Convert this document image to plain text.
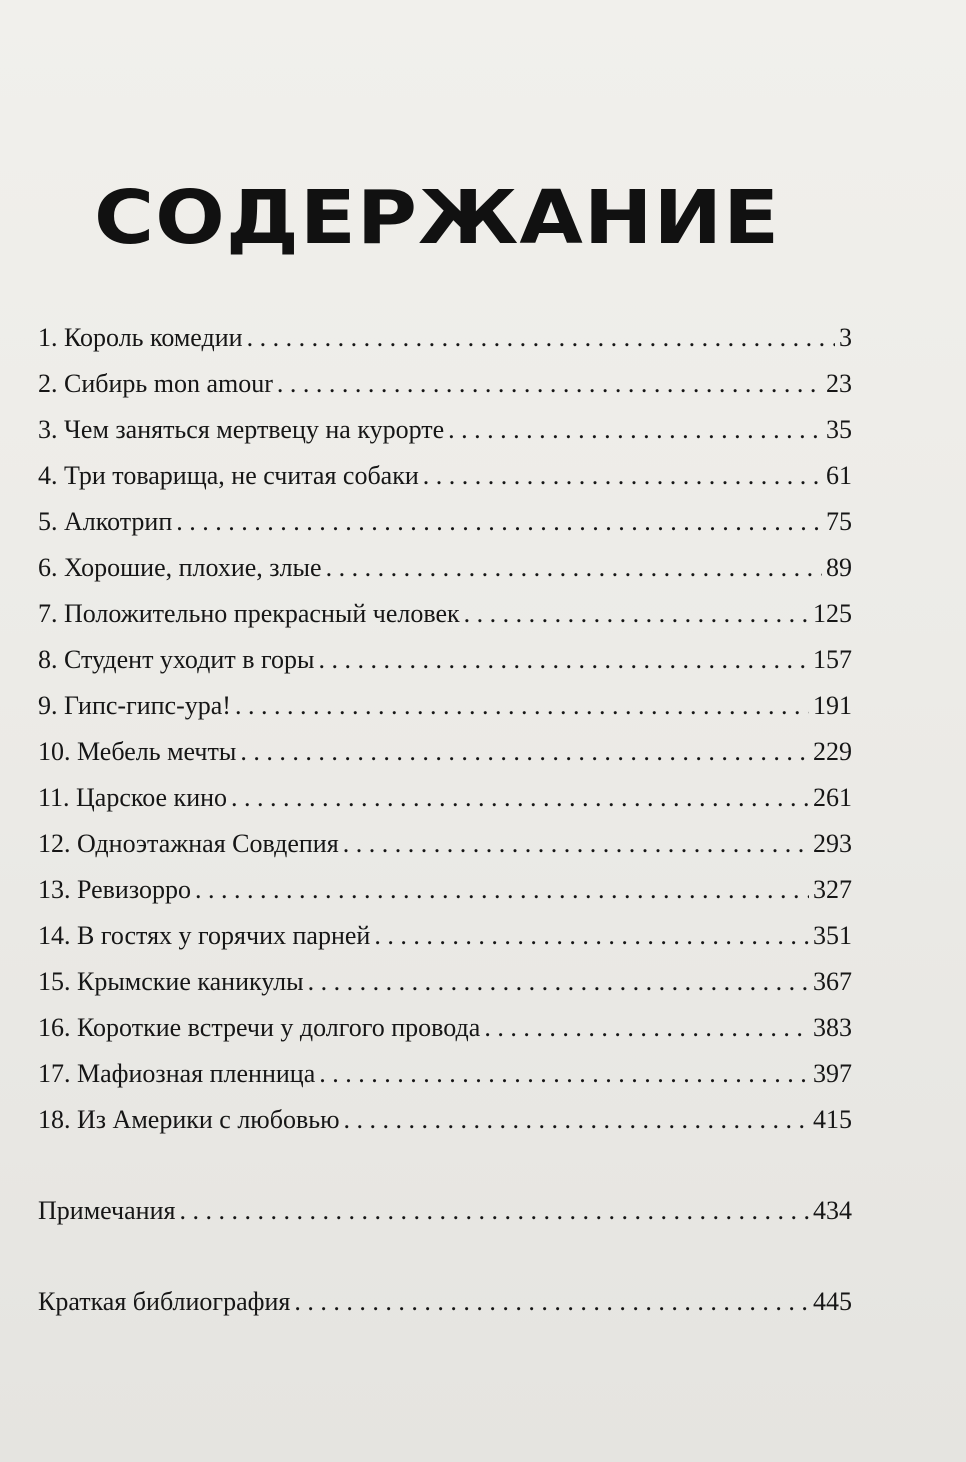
СОДЕРЖАНИЕ
1. Король комедии . . .	3
2. Сибирь mon amour . . .	23
3. Чем заняться мертвецу на курорте . . .	35
4. Три товарища, не считая собаки . . .	61
5. Алкотрип . . .	75
6. Хорошие, плохие, злые . . .	89
7. Положительно прекрасный человек . . .	125
8. Студент уходит в горы . . .	157
9. Гипс-гипс-ура! . . .	191
10. Мебель мечты . . .	229
11. Царское кино . . .	261
12. Одноэтажная Совдепия . . .	293
13. Ревизорро . . .	327
14. В гостях у горячих парней . . .	351
15. Крымские каникулы . . .	367
16. Короткие встречи у долгого провода . . .	383
17. Мафиозная пленница . . .	397
18. Из Америки с любовью . . .	415
Примечания . . .	434
Краткая библиография . . .	445
